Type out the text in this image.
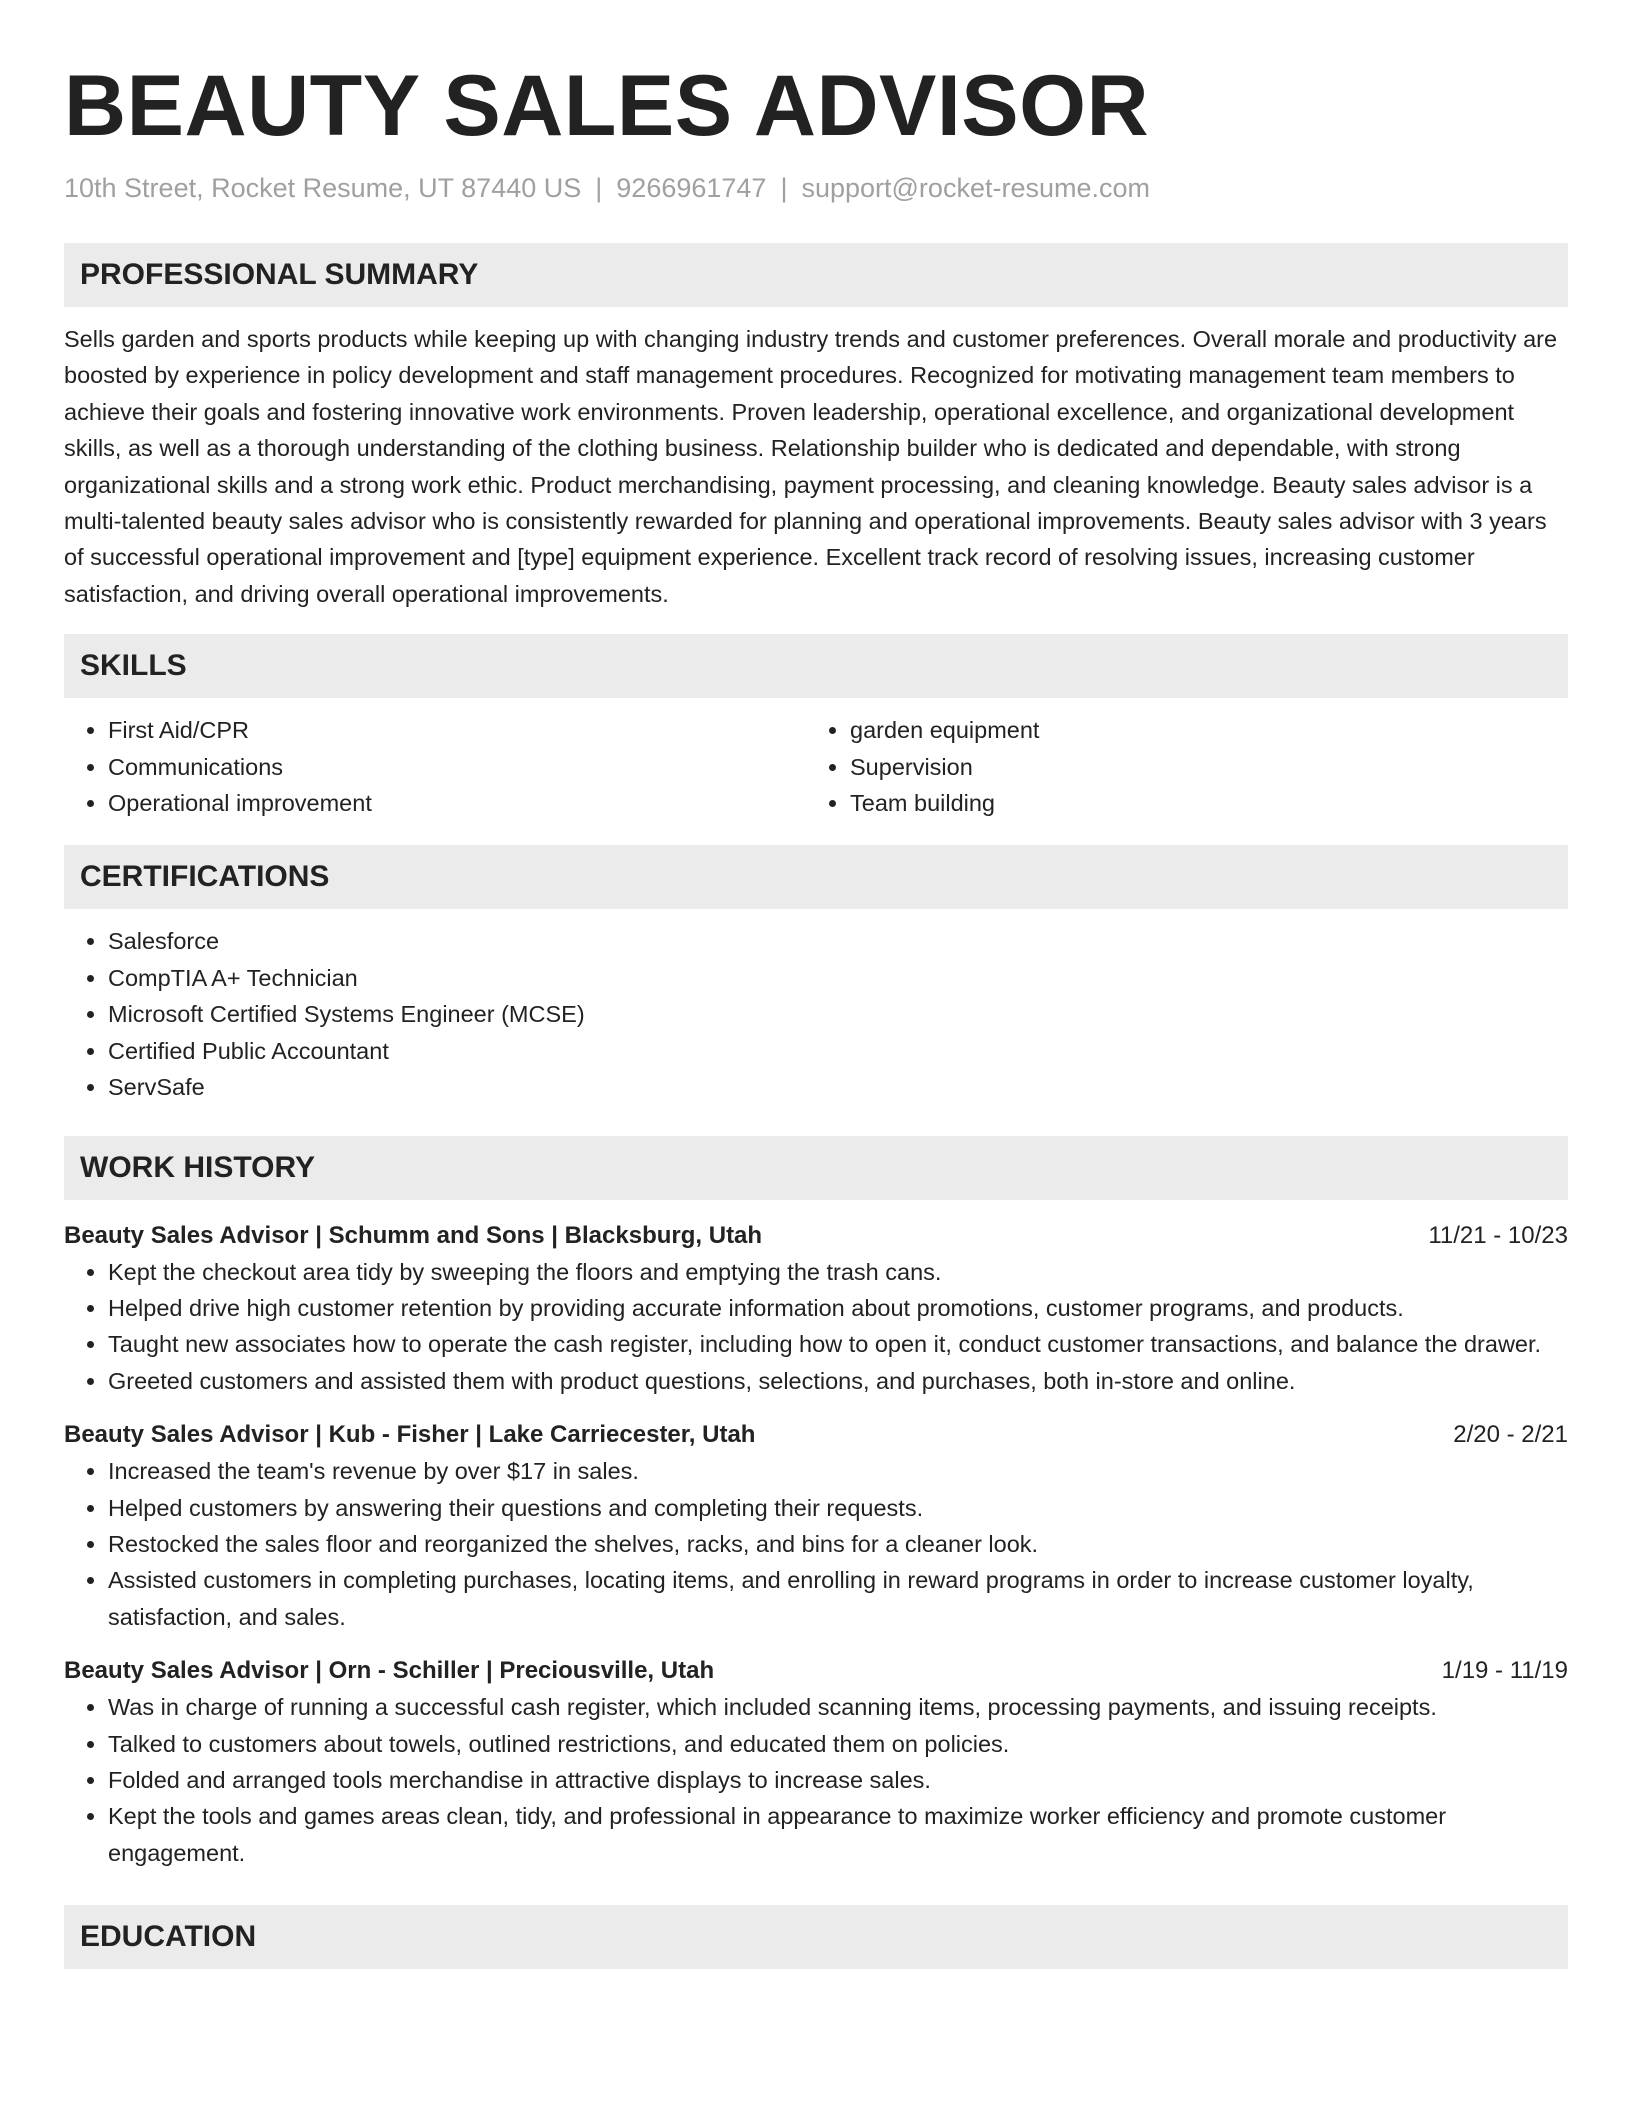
BEAUTY SALES ADVISOR
10th Street, Rocket Resume, UT 87440 US | 9266961747 | support@rocket-resume.com
PROFESSIONAL SUMMARY

Sells garden and sports products while keeping up with changing industry trends and customer preferences. Overall morale and productivity are boosted by experience in policy development and staff management procedures. Recognized for motivating management team members to achieve their goals and fostering innovative work environments. Proven leadership, operational excellence, and organizational development skills, as well as a thorough understanding of the clothing business. Relationship builder who is dedicated and dependable, with strong organizational skills and a strong work ethic. Product merchandising, payment processing, and cleaning knowledge. Beauty sales advisor is a multi-talented beauty sales advisor who is consistently rewarded for planning and operational improvements. Beauty sales advisor with 3 years of successful operational improvement and [type] equipment experience. Excellent track record of resolving issues, increasing customer satisfaction, and driving overall operational improvements.

SKILLS
• First Aid/CPR
• Communications
• Operational improvement
• garden equipment
• Supervision
• Team building
CERTIFICATIONS
• Salesforce
• CompTIA A+ Technician
• Microsoft Certified Systems Engineer (MCSE)
• Certified Public Accountant
• ServSafe
WORK HISTORY
Beauty Sales Advisor | Schumm and Sons | Blacksburg, Utah	11/21 - 10/23
• Kept the checkout area tidy by sweeping the floors and emptying the trash cans.
• Helped drive high customer retention by providing accurate information about promotions, customer programs, and products.
• Taught new associates how to operate the cash register, including how to open it, conduct customer transactions, and balance the drawer.
• Greeted customers and assisted them with product questions, selections, and purchases, both in-store and online.
Beauty Sales Advisor | Kub - Fisher | Lake Carriecester, Utah	2/20 - 2/21
• Increased the team's revenue by over $17 in sales.
• Helped customers by answering their questions and completing their requests.
• Restocked the sales floor and reorganized the shelves, racks, and bins for a cleaner look.
• Assisted customers in completing purchases, locating items, and enrolling in reward programs in order to increase customer loyalty, satisfaction, and sales.
Beauty Sales Advisor | Orn - Schiller | Preciousville, Utah	1/19 - 11/19
• Was in charge of running a successful cash register, which included scanning items, processing payments, and issuing receipts.
• Talked to customers about towels, outlined restrictions, and educated them on policies.
• Folded and arranged tools merchandise in attractive displays to increase sales.
• Kept the tools and games areas clean, tidy, and professional in appearance to maximize worker efficiency and promote customer engagement.
EDUCATION
